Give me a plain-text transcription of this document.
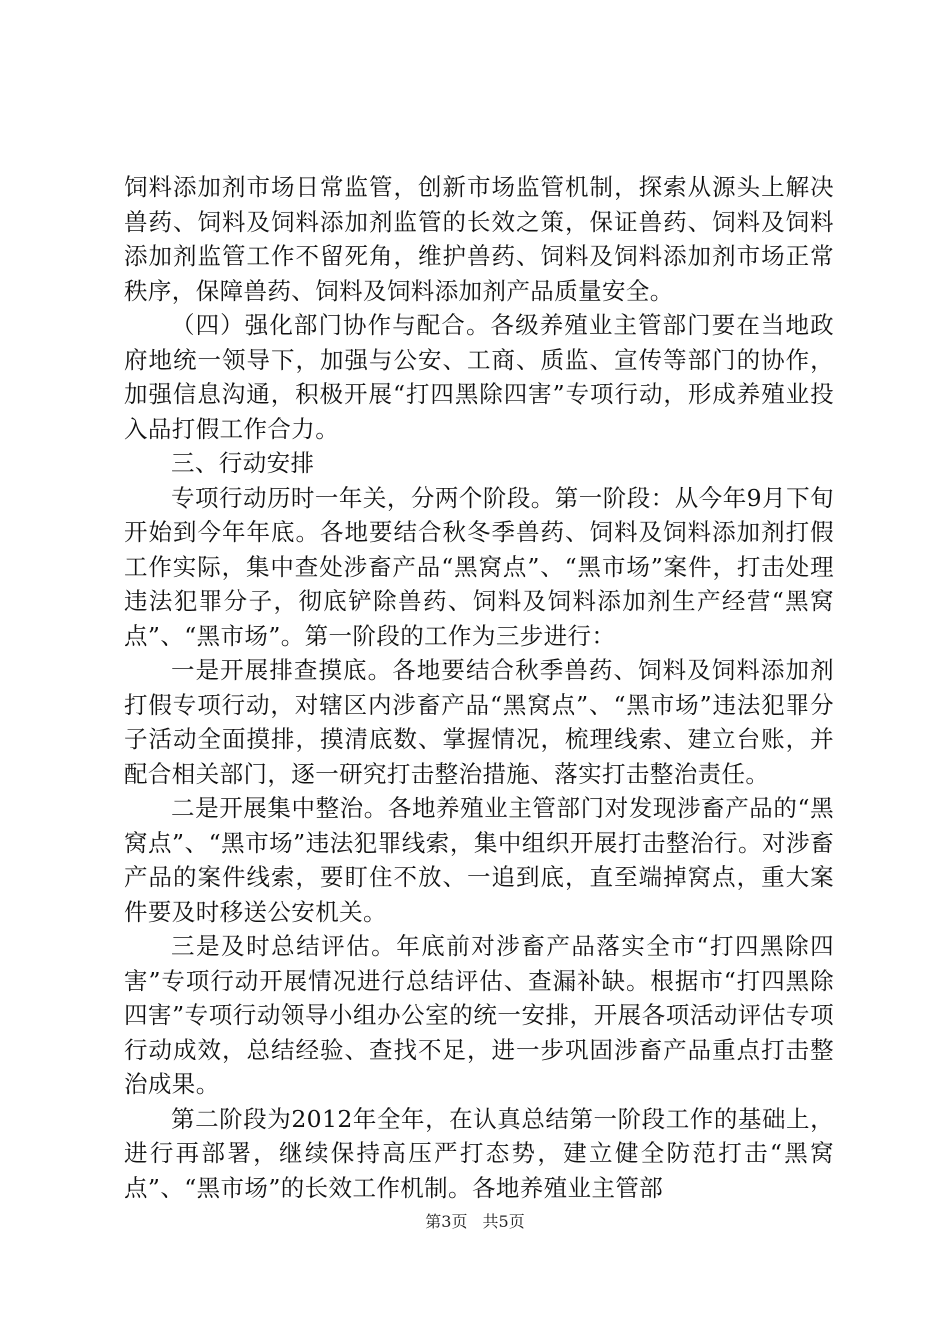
饲料添加剂市场日常监管，创新市场监管机制，探索从源头上解决兽药、饲料及饲料添加剂监管的长效之策，保证兽药、饲料及饲料添加剂监管工作不留死角，维护兽药、饲料及饲料添加剂市场正常秩序，保障兽药、饲料及饲料添加剂产品质量安全。

（四）强化部门协作与配合。各级养殖业主管部门要在当地政府地统一领导下，加强与公安、工商、质监、宣传等部门的协作，加强信息沟通，积极开展“打四黑除四害”专项行动，形成养殖业投入品打假工作合力。

三、行动安排

专项行动历时一年关，分两个阶段。第一阶段：从今年9月下旬开始到今年年底。各地要结合秋冬季兽药、饲料及饲料添加剂打假工作实际，集中查处涉畜产品“黑窝点”、“黑市场”案件，打击处理违法犯罪分子，彻底铲除兽药、饲料及饲料添加剂生产经营“黑窝点”、“黑市场”。第一阶段的工作为三步进行：

一是开展排查摸底。各地要结合秋季兽药、饲料及饲料添加剂打假专项行动，对辖区内涉畜产品“黑窝点”、“黑市场”违法犯罪分子活动全面摸排，摸清底数、掌握情况，梳理线索、建立台账，并配合相关部门，逐一研究打击整治措施、落实打击整治责任。

二是开展集中整治。各地养殖业主管部门对发现涉畜产品的“黑窝点”、“黑市场”违法犯罪线索，集中组织开展打击整治行。对涉畜产品的案件线索，要盯住不放、一追到底，直至端掉窝点，重大案件要及时移送公安机关。

三是及时总结评估。年底前对涉畜产品落实全市“打四黑除四害”专项行动开展情况进行总结评估、查漏补缺。根据市“打四黑除四害”专项行动领导小组办公室的统一安排，开展各项活动评估专项行动成效，总结经验、查找不足，进一步巩固涉畜产品重点打击整治成果。

第二阶段为2012年全年，在认真总结第一阶段工作的基础上，进行再部署，继续保持高压严打态势，建立健全防范打击“黑窝点”、“黑市场”的长效工作机制。各地养殖业主管部

第3页 共5页
